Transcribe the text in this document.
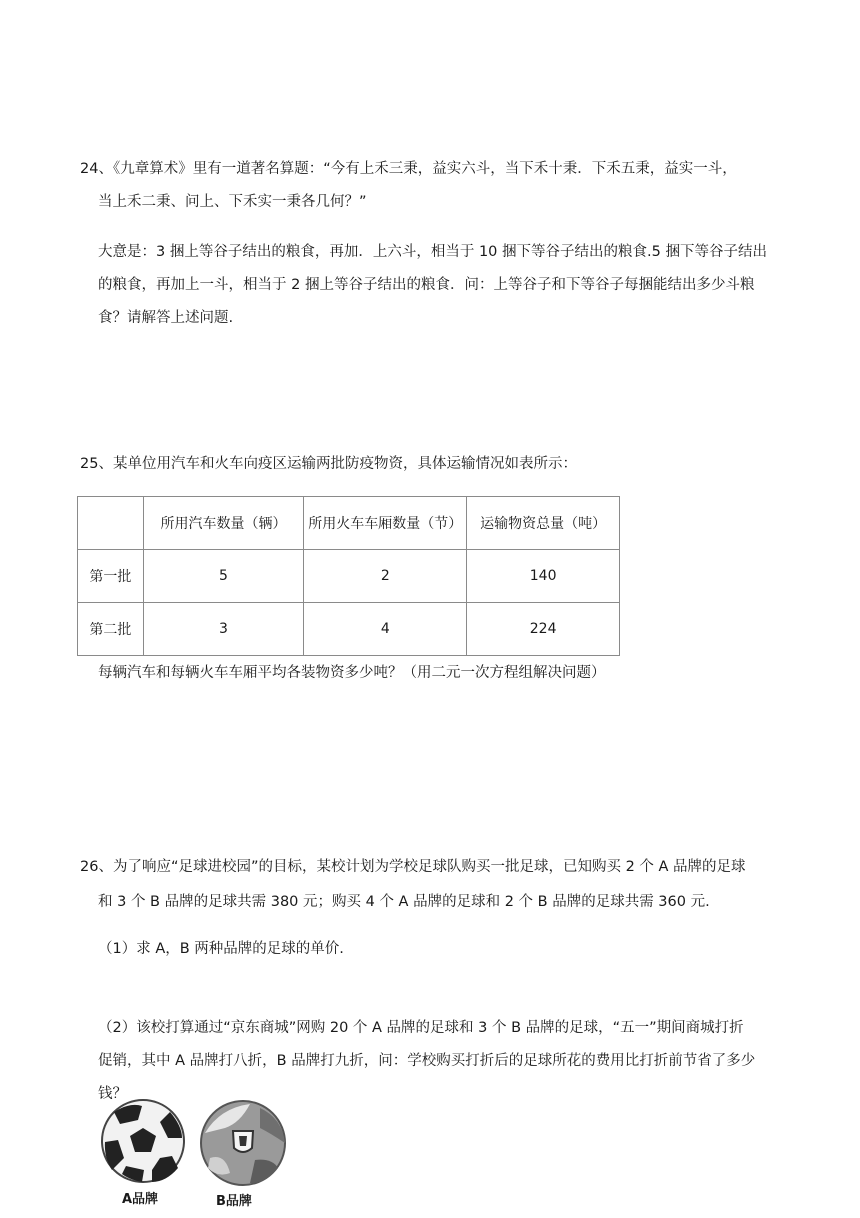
24、《九章算术》里有一道著名算题：“今有上禾三秉，益实六斗，当下禾十秉．下禾五秉，益实一斗，
当上禾二秉、问上、下禾实一秉各几何？”
大意是：3 捆上等谷子结出的粮食，再加．上六斗，相当于 10 捆下等谷子结出的粮食.5 捆下等谷子结出
的粮食，再加上一斗，相当于 2 捆上等谷子结出的粮食．问：上等谷子和下等谷子每捆能结出多少斗粮
食？请解答上述问题.
25、某单位用汽车和火车向疫区运输两批防疫物资，具体运输情况如表所示：
	所用汽车数量（辆）	所用火车车厢数量（节）	运输物资总量（吨）
第一批	5	2	140
第二批	3	4	224
每辆汽车和每辆火车车厢平均各装物资多少吨？（用二元一次方程组解决问题）
26、为了响应“足球进校园”的目标，某校计划为学校足球队购买一批足球，已知购买 2 个 A 品牌的足球
和 3 个 B 品牌的足球共需 380 元；购买 4 个 A 品牌的足球和 2 个 B 品牌的足球共需 360 元.
（1）求 A，B 两种品牌的足球的单价.
（2）该校打算通过“京东商城”网购 20 个 A 品牌的足球和 3 个 B 品牌的足球，“五一”期间商城打折
促销，其中 A 品牌打八折，B 品牌打九折，问：学校购买打折后的足球所花的费用比打折前节省了多少
钱？
A品牌	B品牌
